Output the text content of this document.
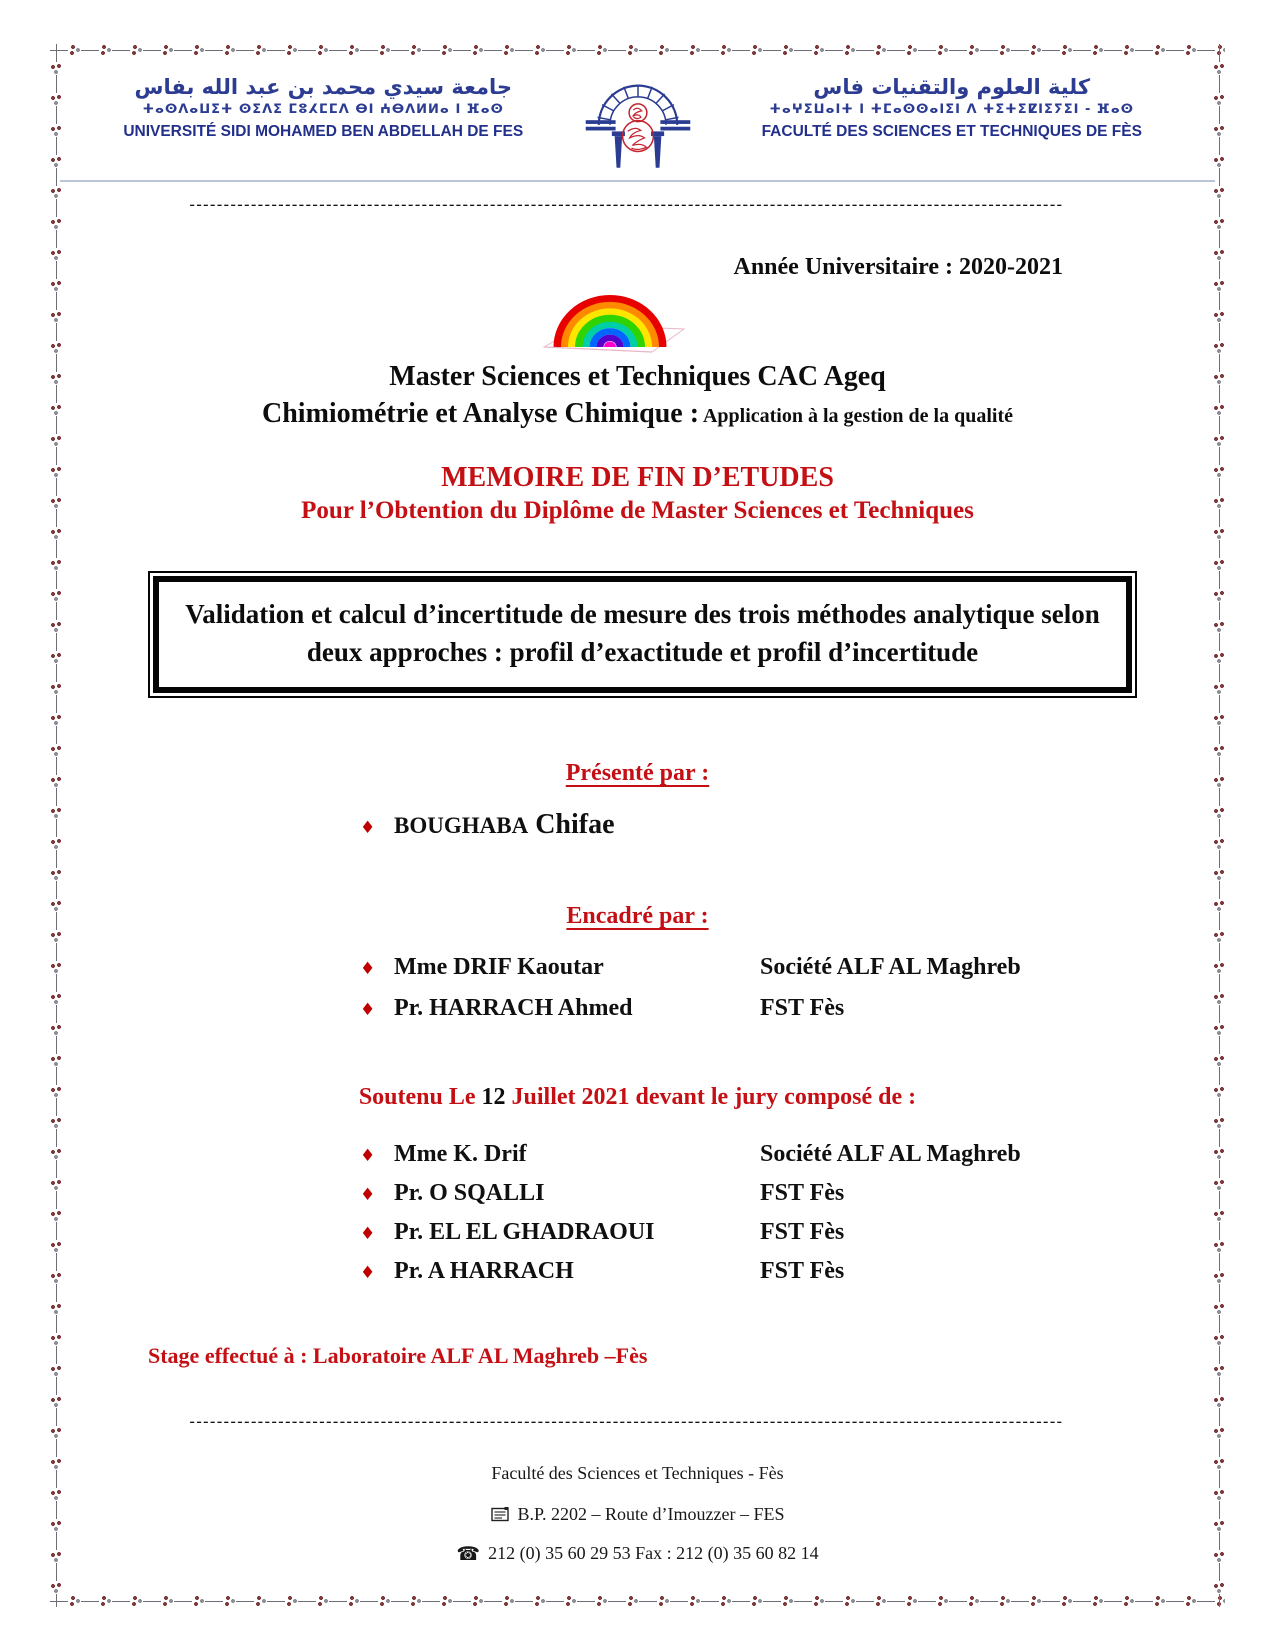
جامعة سيدي محمد بن عبد الله بفاس
ⵜⴰⵙⴷⴰⵡⵉⵜ ⵙⵉⴷⵉ ⵎⵓⵃⵎⵎⴷ ⴱⵏ ⵄⴱⴷⵍⵍⴰ ⵏ ⴼⴰⵙ
UNIVERSITÉ SIDI MOHAMED BEN ABDELLAH DE FES
كلية العلوم والتقنيات فاس
ⵜⴰⵖⵉⵡⴰⵏⵜ ⵏ ⵜⵎⴰⵙⵙⴰⵏⵉⵏ ⴷ ⵜⵉⵜⵉⵇⵏⵉⵢⵉⵏ - ⴼⴰⵙ
FACULTÉ DES SCIENCES ET TECHNIQUES DE FÈS
--------------------------------------------------------------------------------------------------------------------------------
Année Universitaire : 2020-2021
Master Sciences et Techniques CAC Ageq
Chimiométrie et Analyse Chimique : Application à la gestion de la qualité
MEMOIRE DE FIN D’ETUDES
Pour l’Obtention du Diplôme de Master Sciences et Techniques
Validation et calcul d’incertitude de mesure des trois méthodes analytique selon deux approches : profil d’exactitude et profil d’incertitude
Présenté par :
♦
BOUGHABA Chifae
Encadré par :
♦
Mme DRIF Kaoutar	Société ALF AL Maghreb
♦
Pr. HARRACH Ahmed	FST Fès
Soutenu Le 12 Juillet 2021 devant le jury composé de :
♦
Mme K. Drif	Société ALF AL Maghreb
♦
Pr. O SQALLI	FST Fès
♦
Pr. EL EL GHADRAOUI	FST Fès
♦
Pr. A HARRACH	FST Fès
Stage effectué à : Laboratoire ALF AL Maghreb –Fès
--------------------------------------------------------------------------------------------------------------------------------
Faculté des Sciences et Techniques - Fès
B.P. 2202 – Route d’Imouzzer – FES
☎ 212 (0) 35 60 29 53 Fax : 212 (0) 35 60 82 14
